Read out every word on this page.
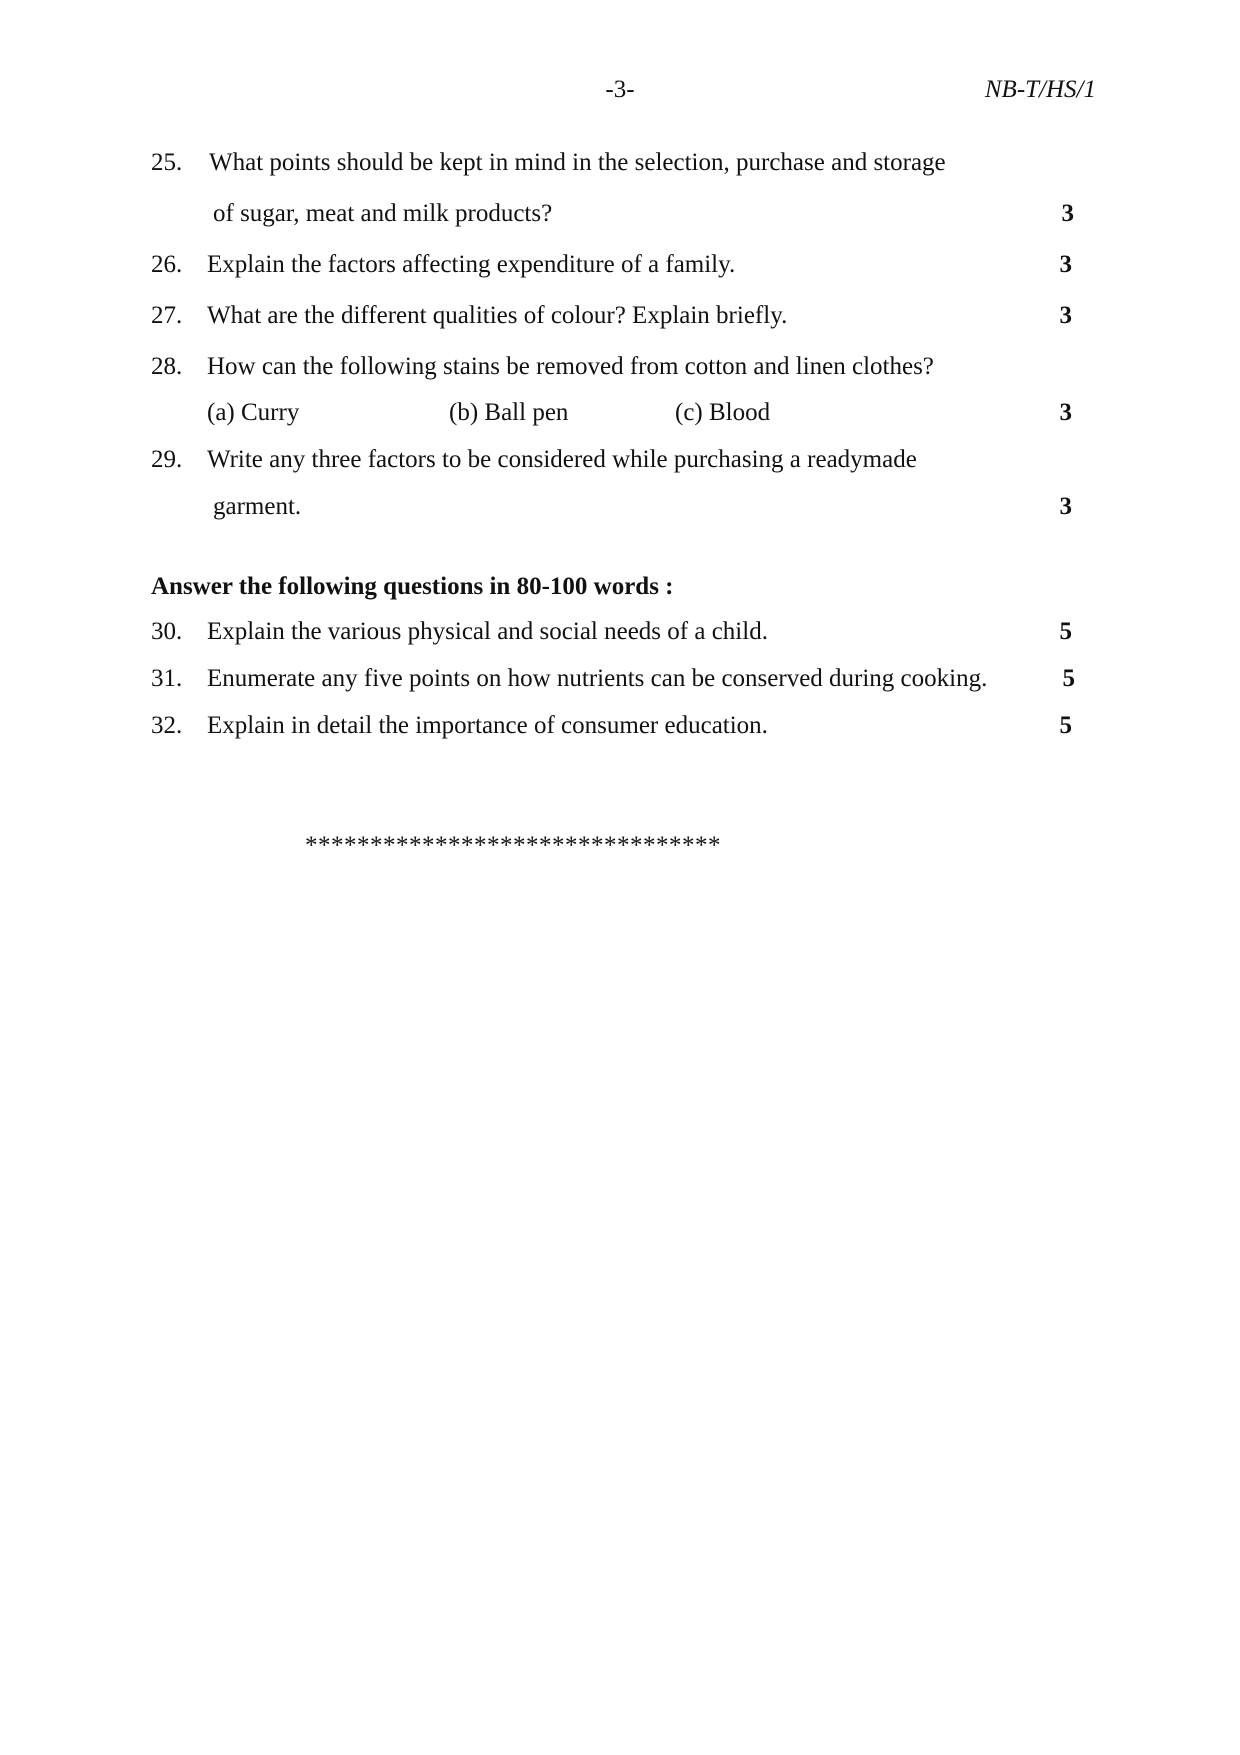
-3-	NB-T/HS/1
25. What points should be kept in mind in the selection, purchase and storage
of sugar, meat and milk products?	3
26. Explain the factors affecting expenditure of a family.	3
27. What are the different qualities of colour? Explain briefly.	3
28. How can the following stains be removed from cotton and linen clothes?
(a) Curry	(b) Ball pen	(c) Blood	3
29. Write any three factors to be considered while purchasing a readymade
garment.	3
Answer the following questions in 80-100 words :
30. Explain the various physical and social needs of a child.	5
31. Enumerate any five points on how nutrients can be conserved during cooking.	5
32. Explain in detail the importance of consumer education.	5
********************************
